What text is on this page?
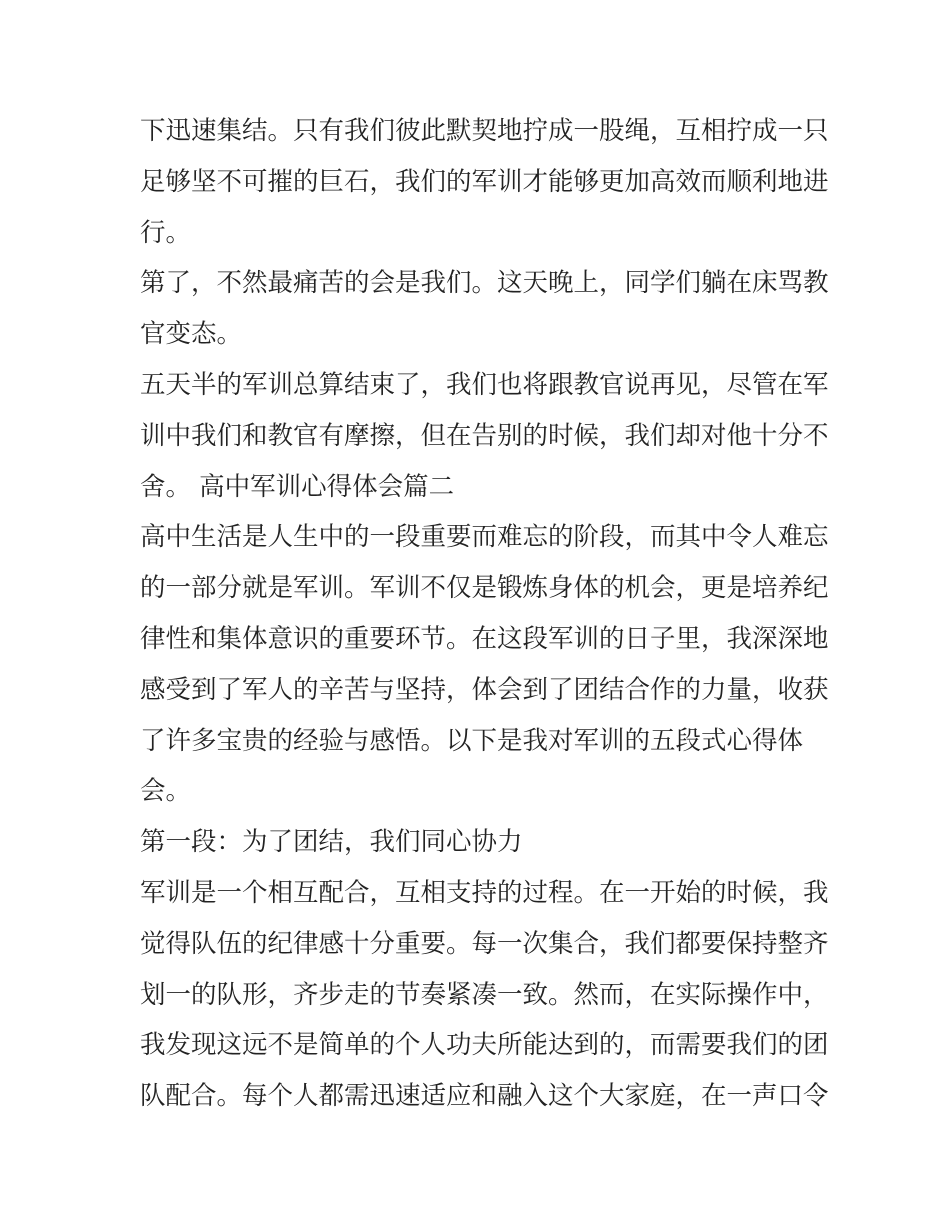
下迅速集结。只有我们彼此默契地拧成一股绳，互相拧成一只
足够坚不可摧的巨石，我们的军训才能够更加高效而顺利地进
行。
第了，不然最痛苦的会是我们。这天晚上，同学们躺在床骂教
官变态。
五天半的军训总算结束了，我们也将跟教官说再见，尽管在军
训中我们和教官有摩擦，但在告别的时候，我们却对他十分不
舍。 高中军训心得体会篇二
高中生活是人生中的一段重要而难忘的阶段，而其中令人难忘
的一部分就是军训。军训不仅是锻炼身体的机会，更是培养纪
律性和集体意识的重要环节。在这段军训的日子里，我深深地
感受到了军人的辛苦与坚持，体会到了团结合作的力量，收获
了许多宝贵的经验与感悟。以下是我对军训的五段式心得体
会。
第一段：为了团结，我们同心协力
军训是一个相互配合，互相支持的过程。在一开始的时候，我
觉得队伍的纪律感十分重要。每一次集合，我们都要保持整齐
划一的队形，齐步走的节奏紧凑一致。然而，在实际操作中，
我发现这远不是简单的个人功夫所能达到的，而需要我们的团
队配合。每个人都需迅速适应和融入这个大家庭，在一声口令
